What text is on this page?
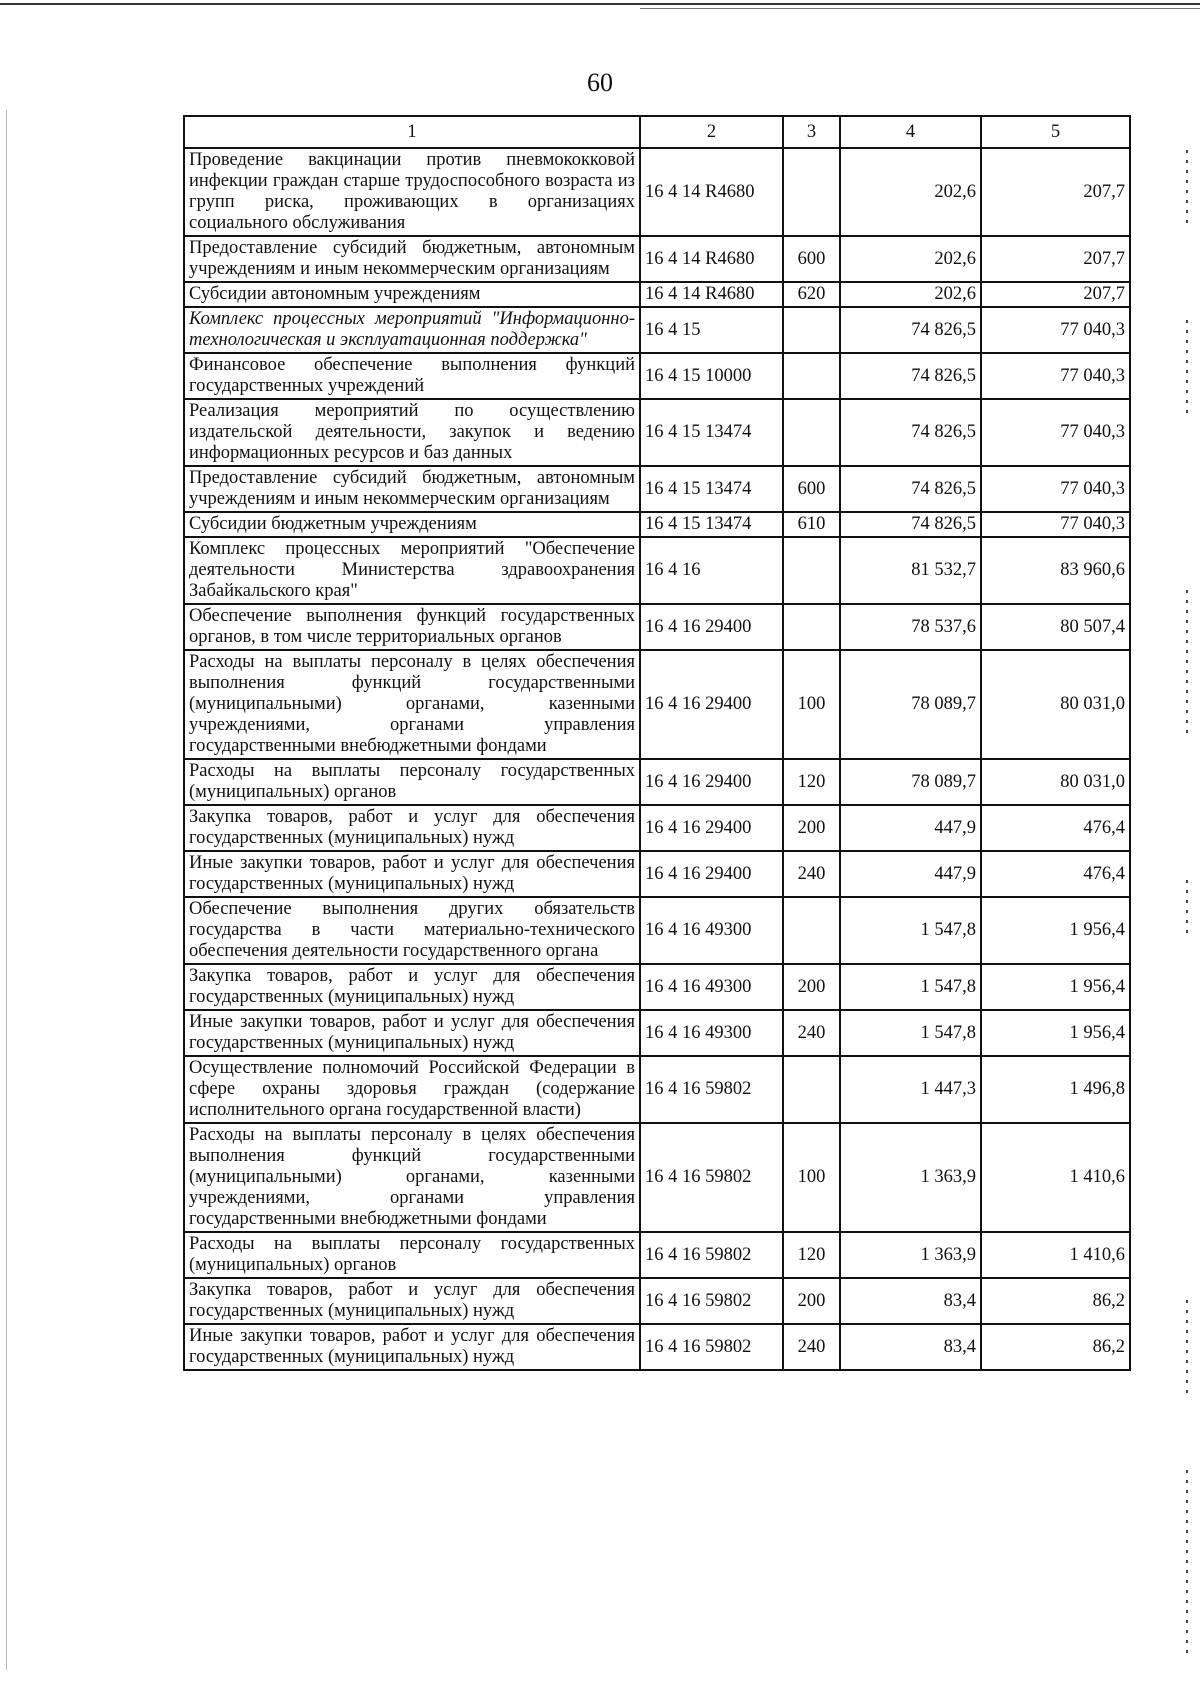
60
1	2	3	4	5
Проведение вакцинации против пневмококковой инфекции граждан старше трудоспособного возраста из групп риска, проживающих в организациях социального обслуживания	16 4 14 R4680		202,6	207,7
Предоставление субсидий бюджетным, автономным учреждениям и иным некоммерческим организациям	16 4 14 R4680	600	202,6	207,7
Субсидии автономным учреждениям	16 4 14 R4680	620	202,6	207,7
Комплекс процессных мероприятий "Информационно-технологическая и эксплуатационная поддержка"	16 4 15		74 826,5	77 040,3
Финансовое обеспечение выполнения функций государственных учреждений	16 4 15 10000		74 826,5	77 040,3
Реализация мероприятий по осуществлению издательской деятельности, закупок и ведению информационных ресурсов и баз данных	16 4 15 13474		74 826,5	77 040,3
Предоставление субсидий бюджетным, автономным учреждениям и иным некоммерческим организациям	16 4 15 13474	600	74 826,5	77 040,3
Субсидии бюджетным учреждениям	16 4 15 13474	610	74 826,5	77 040,3
Комплекс процессных мероприятий "Обеспечение деятельности Министерства здравоохранения Забайкальского края"	16 4 16		81 532,7	83 960,6
Обеспечение выполнения функций государственных органов, в том числе территориальных органов	16 4 16 29400		78 537,6	80 507,4
Расходы на выплаты персоналу в целях обеспечения выполнения функций государственными (муниципальными) органами, казенными учреждениями, органами управления государственными внебюджетными фондами	16 4 16 29400	100	78 089,7	80 031,0
Расходы на выплаты персоналу государственных (муниципальных) органов	16 4 16 29400	120	78 089,7	80 031,0
Закупка товаров, работ и услуг для обеспечения государственных (муниципальных) нужд	16 4 16 29400	200	447,9	476,4
Иные закупки товаров, работ и услуг для обеспечения государственных (муниципальных) нужд	16 4 16 29400	240	447,9	476,4
Обеспечение выполнения других обязательств государства в части материально-технического обеспечения деятельности государственного органа	16 4 16 49300		1 547,8	1 956,4
Закупка товаров, работ и услуг для обеспечения государственных (муниципальных) нужд	16 4 16 49300	200	1 547,8	1 956,4
Иные закупки товаров, работ и услуг для обеспечения государственных (муниципальных) нужд	16 4 16 49300	240	1 547,8	1 956,4
Осуществление полномочий Российской Федерации в сфере охраны здоровья граждан (содержание исполнительного органа государственной власти)	16 4 16 59802		1 447,3	1 496,8
Расходы на выплаты персоналу в целях обеспечения выполнения функций государственными (муниципальными) органами, казенными учреждениями, органами управления государственными внебюджетными фондами	16 4 16 59802	100	1 363,9	1 410,6
Расходы на выплаты персоналу государственных (муниципальных) органов	16 4 16 59802	120	1 363,9	1 410,6
Закупка товаров, работ и услуг для обеспечения государственных (муниципальных) нужд	16 4 16 59802	200	83,4	86,2
Иные закупки товаров, работ и услуг для обеспечения государственных (муниципальных) нужд	16 4 16 59802	240	83,4	86,2
